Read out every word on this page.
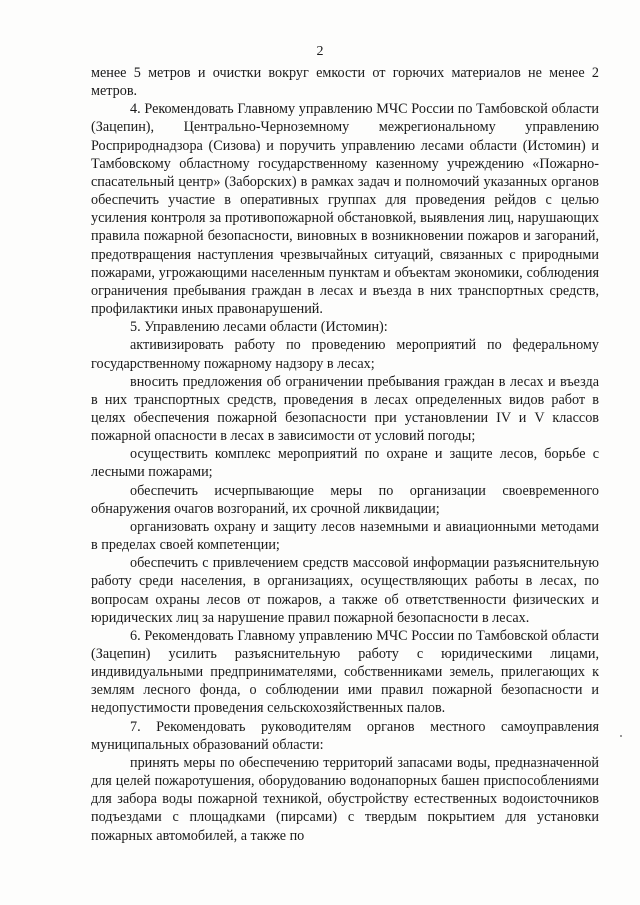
2

менее 5 метров и очистки вокруг емкости от горючих материалов не менее 2 метров.

4. Рекомендовать Главному управлению МЧС России по Тамбовской области (Зацепин), Центрально-Черноземному межрегиональному управлению Росприроднадзора (Сизова) и поручить управлению лесами области (Истомин) и Тамбовскому областному государственному казенному учреждению «Пожарно-спасательный центр» (Заборских) в рамках задач и полномочий указанных органов обеспечить участие в оперативных группах для проведения рейдов с целью усиления контроля за противопожарной обстановкой, выявления лиц, нарушающих правила пожарной безопасности, виновных в возникновении пожаров и загораний, предотвращения наступления чрезвычайных ситуаций, связанных с природными пожарами, угрожающими населенным пунктам и объектам экономики, соблюдения ограничения пребывания граждан в лесах и въезда в них транспортных средств, профилактики иных правонарушений.

5. Управлению лесами области (Истомин):

активизировать работу по проведению мероприятий по федеральному государственному пожарному надзору в лесах;

вносить предложения об ограничении пребывания граждан в лесах и въезда в них транспортных средств, проведения в лесах определенных видов работ в целях обеспечения пожарной безопасности при установлении IV и V классов пожарной опасности в лесах в зависимости от условий погоды;

осуществить комплекс мероприятий по охране и защите лесов, борьбе с лесными пожарами;

обеспечить исчерпывающие меры по организации своевременного обнаружения очагов возгораний, их срочной ликвидации;

организовать охрану и защиту лесов наземными и авиационными методами в пределах своей компетенции;

обеспечить с привлечением средств массовой информации разъяснительную работу среди населения, в организациях, осуществляющих работы в лесах, по вопросам охраны лесов от пожаров, а также об ответственности физических и юридических лиц за нарушение правил пожарной безопасности в лесах.

6. Рекомендовать Главному управлению МЧС России по Тамбовской области (Зацепин) усилить разъяснительную работу с юридическими лицами, индивидуальными предпринимателями, собственниками земель, прилегающих к землям лесного фонда, о соблюдении ими правил пожарной безопасности и недопустимости проведения сельскохозяйственных палов.

7. Рекомендовать руководителям органов местного самоуправления муниципальных образований области:

принять меры по обеспечению территорий запасами воды, предназначенной для целей пожаротушения, оборудованию водонапорных башен приспособлениями для забора воды пожарной техникой, обустройству естественных водоисточников подъездами с площадками (пирсами) с твердым покрытием для установки пожарных автомобилей, а также по
